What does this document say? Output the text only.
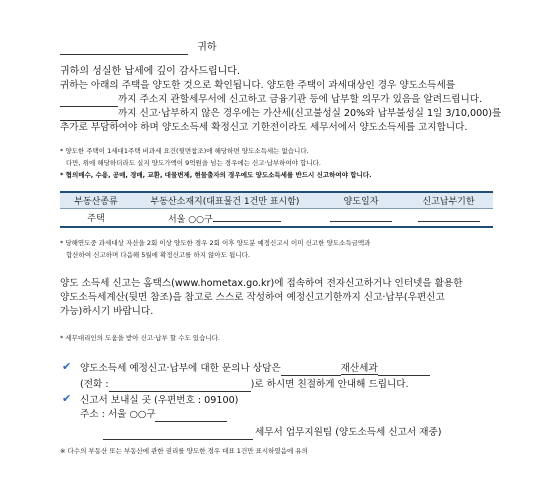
귀하
귀하의 성실한 납세에 깊이 감사드립니다.
귀하는 아래의 주택을 양도한 것으로 확인됩니다. 양도한 주택이 과세대상인 경우 양도소득세를
까지 주소지 관할세무서에 신고하고 금융기관 등에 납부할 의무가 있음을 알려드립니다.
까지 신고·납부하지 않은 경우에는 가산세(신고불성실 20%와 납부불성실 1일 3/10,000)를
추가로 부담하여야 하며 양도소득세 확정신고 기한전이라도 세무서에서 양도소득세를 고지합니다.
* 양도한 주택이 1세대1주택 비과세 요건(뒷면참조)에 해당하면 양도소득세는 없습니다.
다만, 위에 해당하더라도 실지 양도가액이 9억원을 넘는 경우에는 신고·납부하여야 합니다.
* 협의매수, 수용, 공매, 경매, 교환, 대물변제, 현물출자의 경우에도 양도소득세를 반드시 신고하여야 합니다.
부동산종류	부동산소재지(대표물건 1건만 표시함)	양도일자	신고납부기한
주택	서울 ○○구		
* 당해연도중 과세대상 자산을 2회 이상 양도한 경우 2회 이후 양도분 예정신고시 이미 신고한 양도소득금액과
합산하여 신고하며 다음해 5월에 확정신고를 하지 않아도 됩니다.
양도 소득세 신고는 홈택스(www.hometax.go.kr)에 접속하여 전자신고하거나 인터넷을 활용한
양도소득세계산(뒷면 참조)을 참고로 스스로 작성하여 예정신고기한까지 신고·납부(우편신고
가능)하시기 바랍니다.
* 세무대리인의 도움을 받아 신고·납부 할 수도 있습니다.
✔ 양도소득세 예정신고·납부에 대한 문의나 상담은	재산세과
(전화 :	)로 하시면 친절하게 안내해 드립니다.
✔ 신고서 보내실 곳 (우편번호 : 09100)
주소 : 서울 ○○구
세무서 업무지원팀 (양도소득세 신고서 재중)
※ 다수의 부동산 또는 부동산에 관한 권리를 양도한 경우 대표 1건만 표시하였음에 유의
